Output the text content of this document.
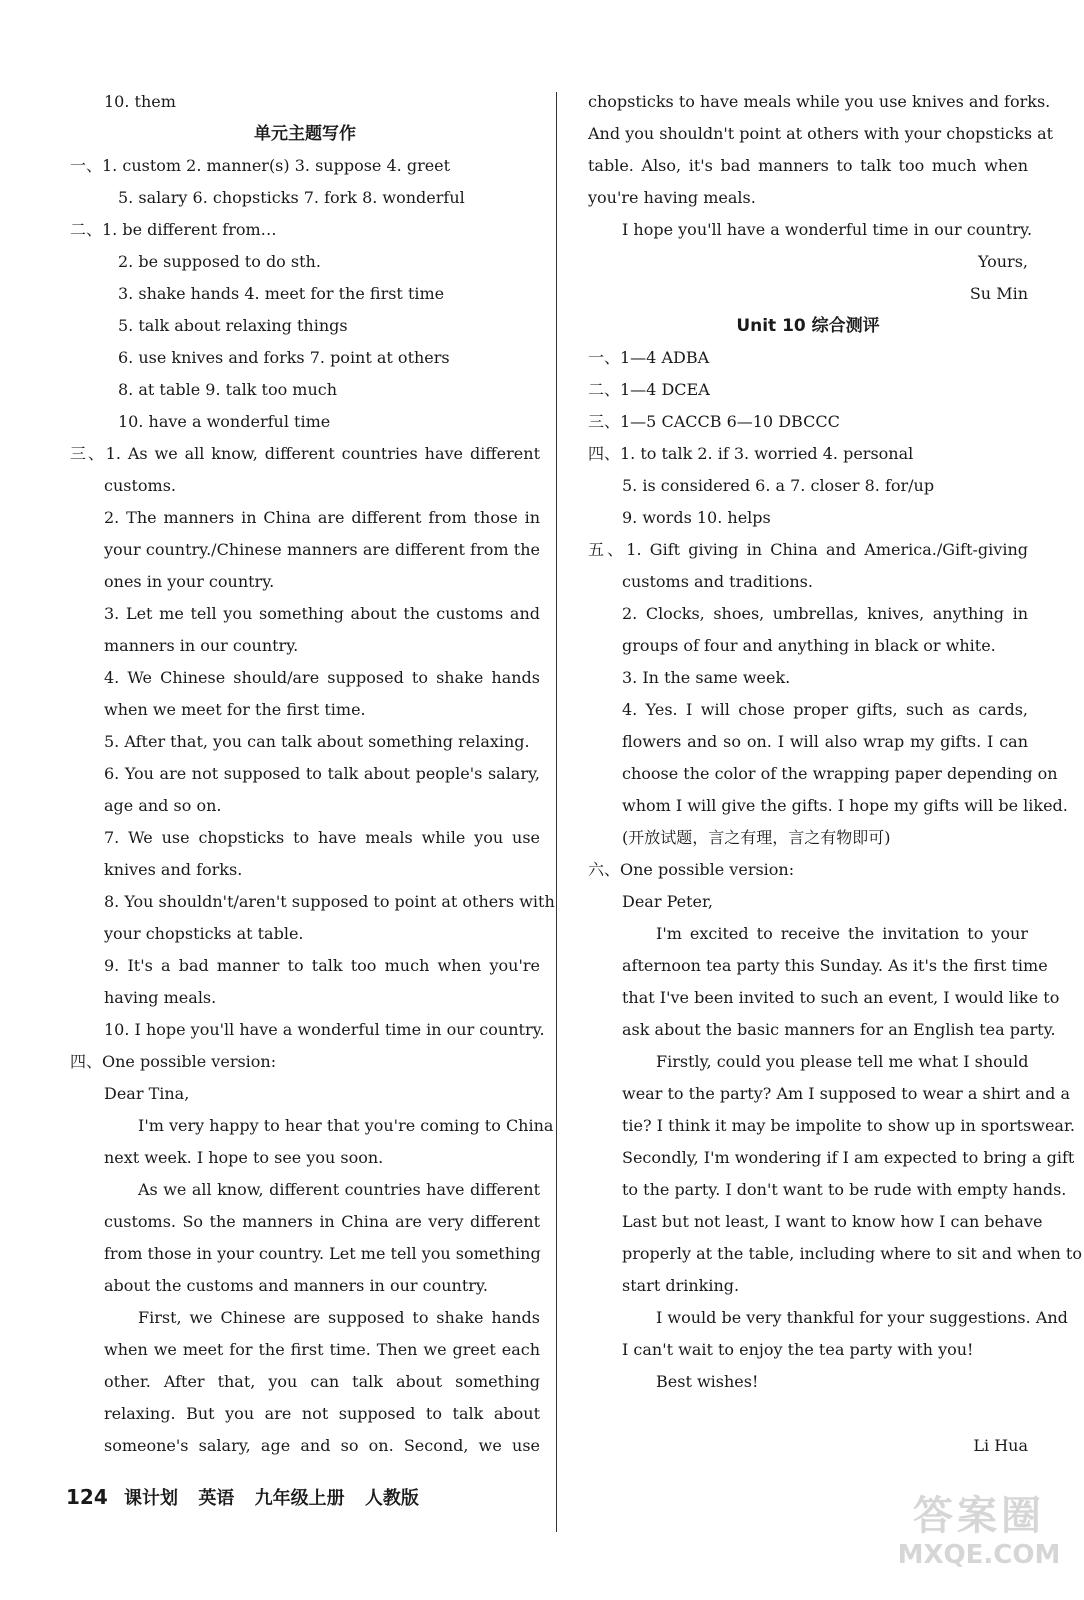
10. them
单元主题写作
一、1. custom 2. manner(s) 3. suppose 4. greet
5. salary 6. chopsticks 7. fork 8. wonderful
二、1. be different from…
2. be supposed to do sth.
3. shake hands 4. meet for the first time
5. talk about relaxing things
6. use knives and forks 7. point at others
8. at table 9. talk too much
10. have a wonderful time
三、1. As we all know, different countries have different
customs.
2. The manners in China are different from those in
your country./Chinese manners are different from the
ones in your country.
3. Let me tell you something about the customs and
manners in our country.
4. We Chinese should/are supposed to shake hands
when we meet for the first time.
5. After that, you can talk about something relaxing.
6. You are not supposed to talk about people's salary,
age and so on.
7. We use chopsticks to have meals while you use
knives and forks.
8. You shouldn't/aren't supposed to point at others with
your chopsticks at table.
9. It's a bad manner to talk too much when you're
having meals.
10. I hope you'll have a wonderful time in our country.
四、One possible version:
Dear Tina,
I'm very happy to hear that you're coming to China
next week. I hope to see you soon.
As we all know, different countries have different
customs. So the manners in China are very different
from those in your country. Let me tell you something
about the customs and manners in our country.
First, we Chinese are supposed to shake hands
when we meet for the first time. Then we greet each
other. After that, you can talk about something
relaxing. But you are not supposed to talk about
someone's salary, age and so on. Second, we use
chopsticks to have meals while you use knives and forks.
And you shouldn't point at others with your chopsticks at
table. Also, it's bad manners to talk too much when
you're having meals.
I hope you'll have a wonderful time in our country.
Yours,
Su Min
Unit 10 综合测评
一、1—4 ADBA
二、1—4 DCEA
三、1—5 CACCB 6—10 DBCCC
四、1. to talk 2. if 3. worried 4. personal
5. is considered 6. a 7. closer 8. for/up
9. words 10. helps
五、1. Gift giving in China and America./Gift-giving
customs and traditions.
2. Clocks, shoes, umbrellas, knives, anything in
groups of four and anything in black or white.
3. In the same week.
4. Yes. I will chose proper gifts, such as cards,
flowers and so on. I will also wrap my gifts. I can
choose the color of the wrapping paper depending on
whom I will give the gifts. I hope my gifts will be liked.
(开放试题，言之有理，言之有物即可)
六、One possible version:
Dear Peter,
I'm excited to receive the invitation to your
afternoon tea party this Sunday. As it's the first time
that I've been invited to such an event, I would like to
ask about the basic manners for an English tea party.
Firstly, could you please tell me what I should
wear to the party? Am I supposed to wear a shirt and a
tie? I think it may be impolite to show up in sportswear.
Secondly, I'm wondering if I am expected to bring a gift
to the party. I don't want to be rude with empty hands.
Last but not least, I want to know how I can behave
properly at the table, including where to sit and when to
start drinking.
I would be very thankful for your suggestions. And
I can't wait to enjoy the tea party with you!
Best wishes!

Li Hua
124 课计划 英语 九年级上册 人教版	答案圈
MXQE.COM
